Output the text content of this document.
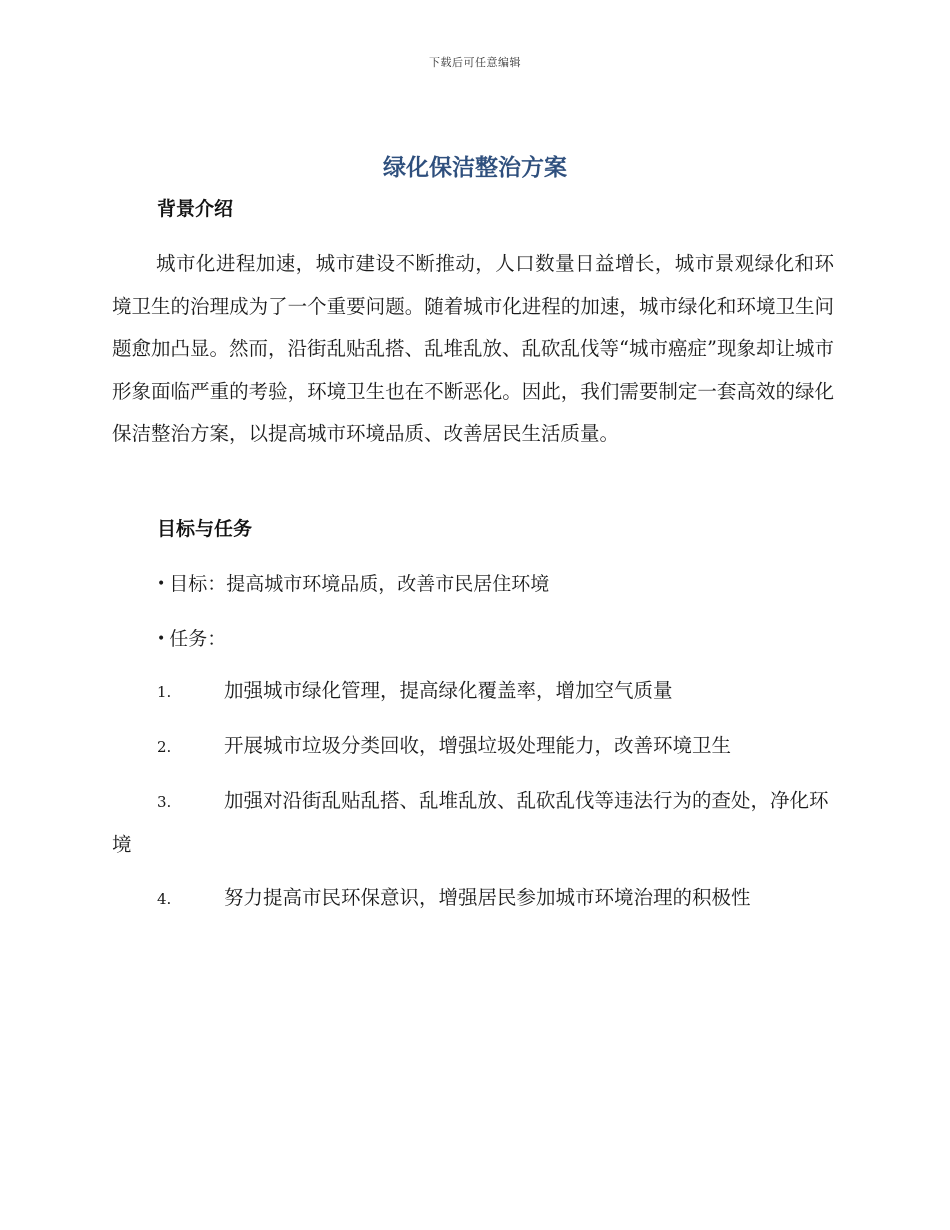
下载后可任意编辑
绿化保洁整治方案
背景介绍

城市化进程加速，城市建设不断推动，人口数量日益增长，城市景观绿化和环境卫生的治理成为了一个重要问题。随着城市化进程的加速，城市绿化和环境卫生问题愈加凸显。然而，沿街乱贴乱搭、乱堆乱放、乱砍乱伐等“城市癌症”现象却让城市形象面临严重的考验，环境卫生也在不断恶化。因此，我们需要制定一套高效的绿化保洁整治方案，以提高城市环境品质、改善居民生活质量。

目标与任务
• 目标：提高城市环境品质，改善市民居住环境
• 任务：
1.	加强城市绿化管理，提高绿化覆盖率，增加空气质量
2.	开展城市垃圾分类回收，增强垃圾处理能力，改善环境卫生
3.	加强对沿街乱贴乱搭、乱堆乱放、乱砍乱伐等违法行为的查处，净化环境
4.	努力提高市民环保意识，增强居民参加城市环境治理的积极性
